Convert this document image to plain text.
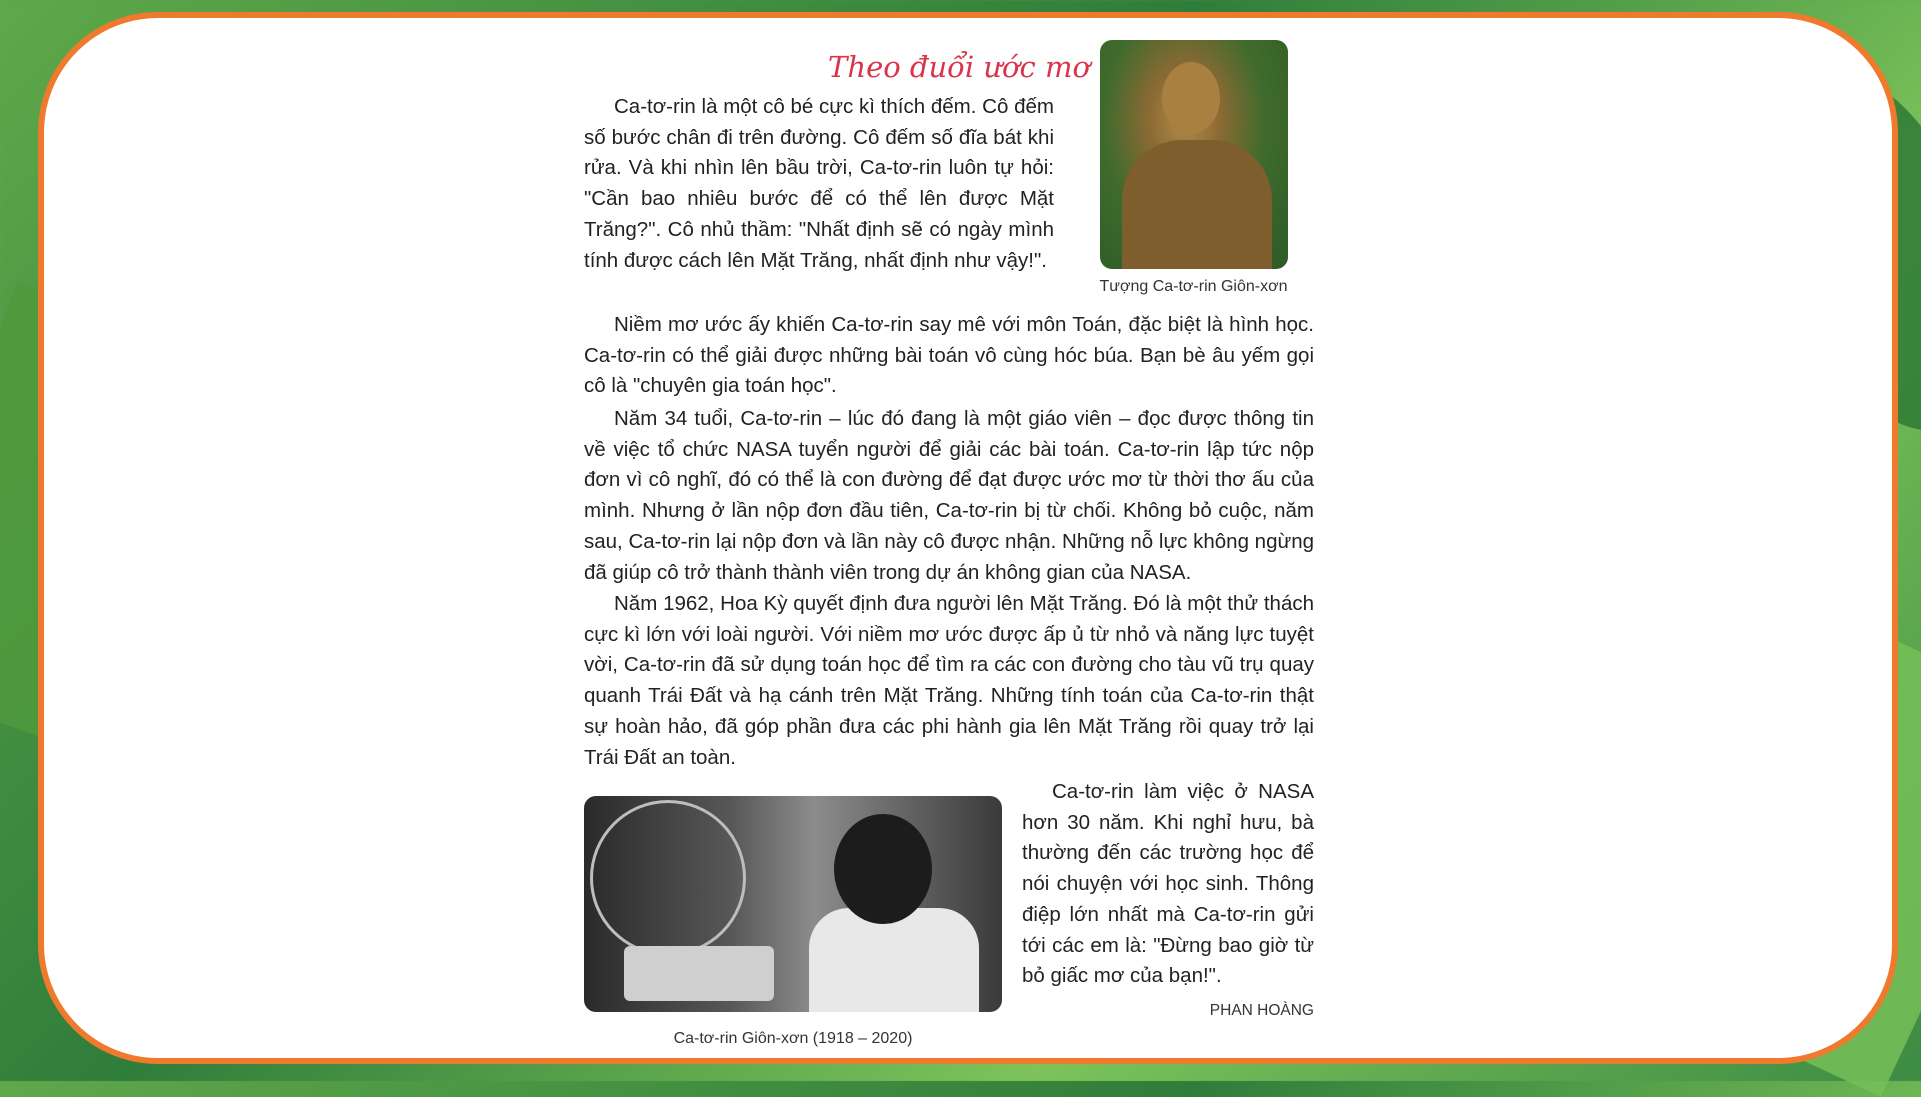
Theo đuổi ước mơ
Tượng Ca-tơ-rin Giôn-xơn

Ca-tơ-rin là một cô bé cực kì thích đếm. Cô đếm số bước chân đi trên đường. Cô đếm số đĩa bát khi rửa. Và khi nhìn lên bầu trời, Ca-tơ-rin luôn tự hỏi: "Cần bao nhiêu bước để có thể lên được Mặt Trăng?". Cô nhủ thầm: "Nhất định sẽ có ngày mình tính được cách lên Mặt Trăng, nhất định như vậy!".

Niềm mơ ước ấy khiến Ca-tơ-rin say mê với môn Toán, đặc biệt là hình học. Ca-tơ-rin có thể giải được những bài toán vô cùng hóc búa. Bạn bè âu yếm gọi cô là "chuyên gia toán học".

Năm 34 tuổi, Ca-tơ-rin – lúc đó đang là một giáo viên – đọc được thông tin về việc tổ chức NASA tuyển người để giải các bài toán. Ca-tơ-rin lập tức nộp đơn vì cô nghĩ, đó có thể là con đường để đạt được ước mơ từ thời thơ ấu của mình. Nhưng ở lần nộp đơn đầu tiên, Ca-tơ-rin bị từ chối. Không bỏ cuộc, năm sau, Ca-tơ-rin lại nộp đơn và lần này cô được nhận. Những nỗ lực không ngừng đã giúp cô trở thành thành viên trong dự án không gian của NASA.

Năm 1962, Hoa Kỳ quyết định đưa người lên Mặt Trăng. Đó là một thử thách cực kì lớn với loài người. Với niềm mơ ước được ấp ủ từ nhỏ và năng lực tuyệt vời, Ca-tơ-rin đã sử dụng toán học để tìm ra các con đường cho tàu vũ trụ quay quanh Trái Đất và hạ cánh trên Mặt Trăng. Những tính toán của Ca-tơ-rin thật sự hoàn hảo, đã góp phần đưa các phi hành gia lên Mặt Trăng rồi quay trở lại Trái Đất an toàn.

Ca-tơ-rin Giôn-xơn (1918 – 2020)

Ca-tơ-rin làm việc ở NASA hơn 30 năm. Khi nghỉ hưu, bà thường đến các trường học để nói chuyện với học sinh. Thông điệp lớn nhất mà Ca-tơ-rin gửi tới các em là: "Đừng bao giờ từ bỏ giấc mơ của bạn!".

PHAN HOÀNG
